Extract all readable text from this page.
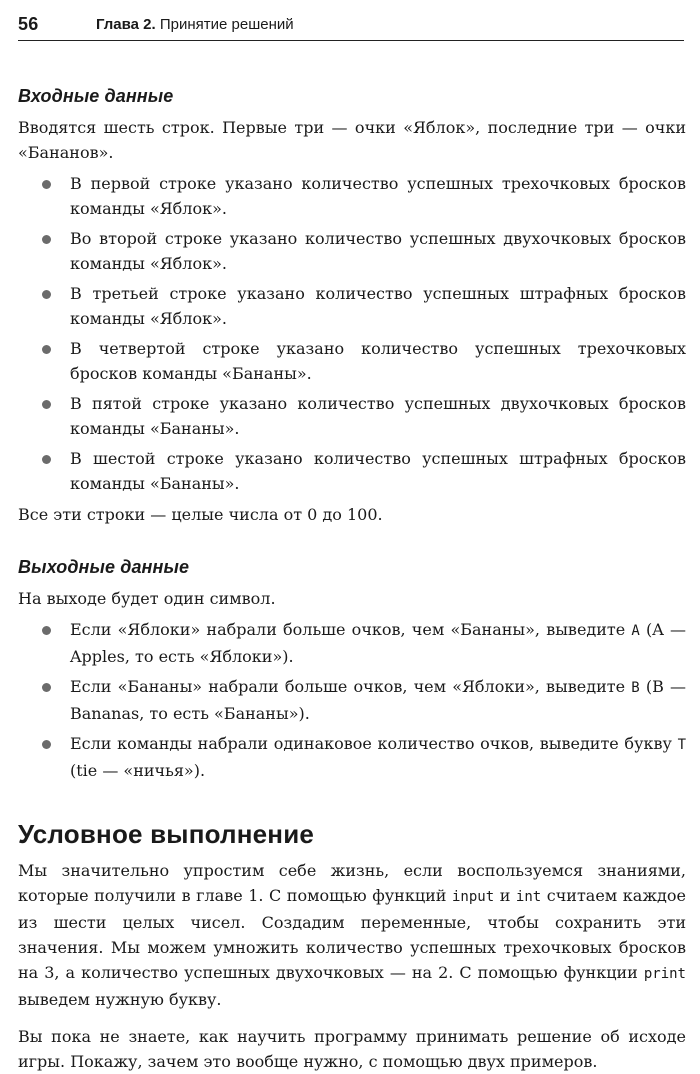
56	Глава 2. Принятие решений
Входные данные

Вводятся шесть строк. Первые три — очки «Яблок», последние три — очки «Бананов».

В первой строке указано количество успешных трехочковых бросков команды «Яблок».
Во второй строке указано количество успешных двухочковых бросков команды «Яблок».
В третьей строке указано количество успешных штрафных бросков команды «Яблок».
В четвертой строке указано количество успешных трехочковых бросков команды «Бананы».
В пятой строке указано количество успешных двухочковых бросков команды «Бананы».
В шестой строке указано количество успешных штрафных бросков команды «Бананы».

Все эти строки — целые числа от 0 до 100.

Выходные данные

На выходе будет один символ.

Если «Яблоки» набрали больше очков, чем «Бананы», выведите A (A — Apples, то есть «Яблоки»).
Если «Бананы» набрали больше очков, чем «Яблоки», выведите B (B — Bananas, то есть «Бананы»).
Если команды набрали одинаковое количество очков, выведите букву T (tie — «ничья»).
Условное выполнение

Мы значительно упростим себе жизнь, если воспользуемся знаниями, которые получили в главе 1. С помощью функций input и int считаем каждое из шести целых чисел. Создадим переменные, чтобы сохранить эти значения. Мы можем умножить количество успешных трехочковых бросков на 3, а количество успешных двухочковых — на 2. С помощью функции print выведем нужную букву.

Вы пока не знаете, как научить программу принимать решение об исходе игры. Покажу, зачем это вообще нужно, с помощью двух примеров.
